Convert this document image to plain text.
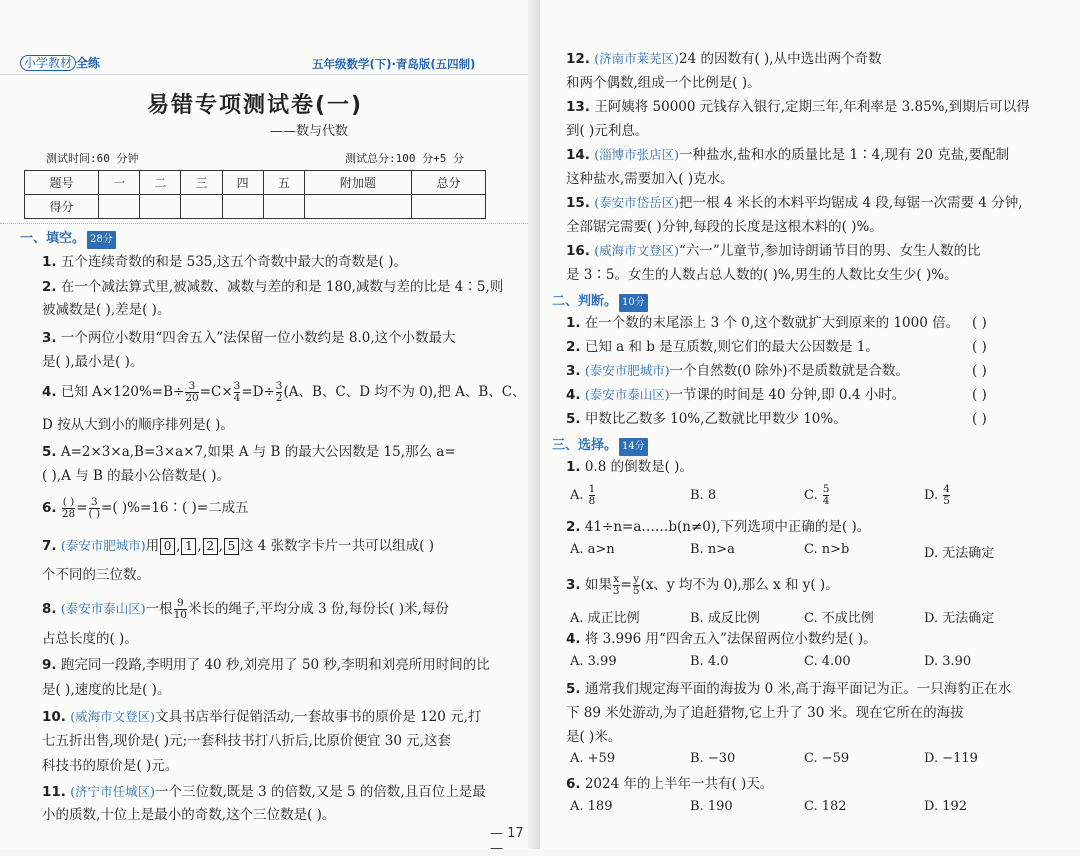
小学教材 全练	五年级数学(下)·青岛版(五四制)
易错专项测试卷(一)
——数与代数
测试时间:60 分钟	测试总分:100 分+5 分
题号	一	二	三	四	五	附加题	总分
得分							
一、填空。 28分
1. 五个连续奇数的和是 535,这五个奇数中最大的奇数是( )。
2. 在一个减法算式里,被减数、减数与差的和是 180,减数与差的比是 4∶5,则
被减数是( ),差是( )。
3. 一个两位小数用“四舍五入”法保留一位小数约是 8.0,这个小数最大
是( ),最小是( )。
4. 已知 $A\times 120\%=B\div \frac{3}{20} =C\times \frac{3}{4} =D\div \frac{3}{2} (A$、B、C、D 均不为 0),把 A、B、C、
D 按从大到小的顺序排列是( )。
5. A=2×3×a,B=3×a×7,如果 A 与 B 的最大公因数是 15,那么 a=
( ),A 与 B 的最小公倍数是( )。
6. $\frac{( )}{28} = \frac{3}{( )}$ =( )%=16∶( )=二成五
7. (泰安市肥城市)用 0 , 1 , 2 , 5 这 4 张数字卡片一共可以组成( )
个不同的三位数。
8. (泰安市泰山区)一根 $\frac{9}{10}$ 米长的绳子,平均分成 3 份,每份长( )米,每份
占总长度的( )。
9. 跑完同一段路,李明用了 40 秒,刘亮用了 50 秒,李明和刘亮所用时间的比
是( ),速度的比是( )。
10. (威海市文登区)文具书店举行促销活动,一套故事书的原价是 120 元,打
七五折出售,现价是( )元;一套科技书打八折后,比原价便宜 30 元,这套
科技书的原价是( )元。
11. (济宁市任城区)一个三位数,既是 3 的倍数,又是 5 的倍数,且百位上是最
小的质数,十位上是最小的奇数,这个三位数是( )。
— 17 —
12. (济南市莱芜区)24 的因数有( ),从中选出两个奇数
和两个偶数,组成一个比例是( )。
13. 王阿姨将 50000 元钱存入银行,定期三年,年利率是 3.85%,到期后可以得
到( )元利息。
14. (淄博市张店区)一种盐水,盐和水的质量比是 1∶4,现有 20 克盐,要配制
这种盐水,需要加入( )克水。
15. (泰安市岱岳区)把一根 4 米长的木料平均锯成 4 段,每锯一次需要 4 分钟,
全部锯完需要( )分钟,每段的长度是这根木料的( )%。
16. (威海市文登区)“六一”儿童节,参加诗朗诵节目的男、女生人数的比
是 3∶5。女生的人数占总人数的( )%,男生的人数比女生少( )%。
二、判断。 10分
1. 在一个数的末尾添上 3 个 0,这个数就扩大到原来的 1000 倍。 ( )
2. 已知 a 和 b 是互质数,则它们的最大公因数是 1。	( )
3. (泰安市肥城市)一个自然数(0 除外)不是质数就是合数。	( )
4. (泰安市泰山区)一节课的时间是 40 分钟,即 0.4 小时。	( )
5. 甲数比乙数多 10%,乙数就比甲数少 10%。	( )
三、选择。 14分
1. 0.8 的倒数是( )。
A. $\frac{1}{8}$	B. 8	C. $\frac{5}{4}$	D. $\frac{4}{5}$
2. 41÷n=a……b(n≠0),下列选项中正确的是( )。
A. a>n	B. n>a	C. n>b	D. 无法确定
3. 如果 $\frac{x}{3} = \frac{y}{5} (x$、y 均不为 0),那么 x 和 y( )。
A. 成正比例	B. 成反比例	C. 不成比例	D. 无法确定
4. 将 3.996 用“四舍五入”法保留两位小数约是( )。
A. 3.99	B. 4.0	C. 4.00	D. 3.90
5. 通常我们规定海平面的海拔为 0 米,高于海平面记为正。一只海豹正在水
下 89 米处游动,为了追赶猎物,它上升了 30 米。现在它所在的海拔
是( )米。
A. +59	B. −30	C. −59	D. −119
6. 2024 年的上半年一共有( )天。
A. 189	B. 190	C. 182	D. 192
